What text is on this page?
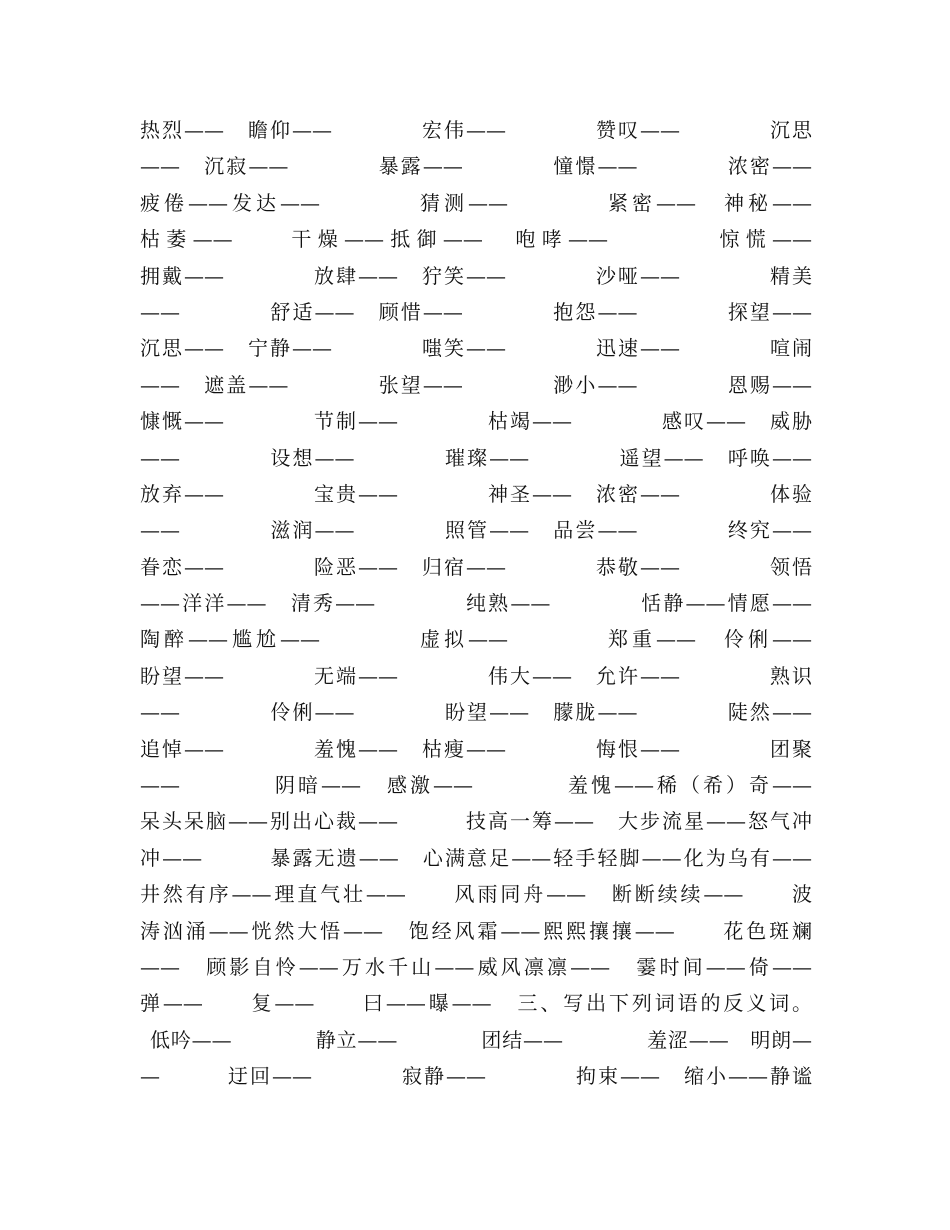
热烈——　瞻仰——　　　　宏伟——　　　　赞叹——　　　　沉思
——　沉寂——　　　　暴露——　　　　憧憬——　　　　浓密——
疲倦——发达——　　　　猜测——　　　　紧密——　神秘——
枯萎——　　干燥——抵御——　咆哮——　　　　惊慌——
拥戴——　　　　放肆——　狞笑——　　　　沙哑——　　　　精美
——　　　　舒适——　顾惜——　　　　抱怨——　　　　探望——
沉思——　宁静——　　　　嗤笑——　　　　迅速——　　　　喧闹
——　遮盖——　　　　张望——　　　　渺小——　　　　恩赐——
慷慨——　　　　节制——　　　　枯竭——　　　　感叹——　威胁
——　　　　设想——　　　　璀璨——　　　　遥望——　呼唤——
放弃——　　　　宝贵——　　　　神圣——　浓密——　　　　体验
——　　　　滋润——　　　　照管——　品尝——　　　　终究——
眷恋——　　　　险恶——　归宿——　　　　恭敬——　　　　领悟
——洋洋——　清秀——　　　　纯熟——　　　　恬静——情愿——
陶醉——尴尬——　　　　虚拟——　　　　郑重——　伶俐——
盼望——　　　　无端——　　　　伟大——　允许——　　　　熟识
——　　　　伶俐——　　　　盼望——　朦胧——　　　　陡然——
追悼——　　　　羞愧——　枯瘦——　　　　悔恨——　　　　团聚
——　　　　阴暗——　感激——　　　　羞愧——稀（希）奇——
呆头呆脑——别出心裁——　　　技高一筹——　大步流星——怒气冲
冲——　　　暴露无遗——　心满意足——轻手轻脚——化为乌有——
井然有序——理直气壮——　　风雨同舟——　断断续续——　　波
涛汹涌——恍然大悟——　饱经风霜——熙熙攘攘——　　花色斑斓
——　顾影自怜——万水千山——威风凛凛——　霎时间——倚——
弹——　　复——　　曰——曝——　三、写出下列词语的反义词。
低吟——　　　　静立——　　　　团结——　　　　羞涩——　明朗—
—　　　迂回——　　　　寂静——　　　　拘束——　缩小——静谧
